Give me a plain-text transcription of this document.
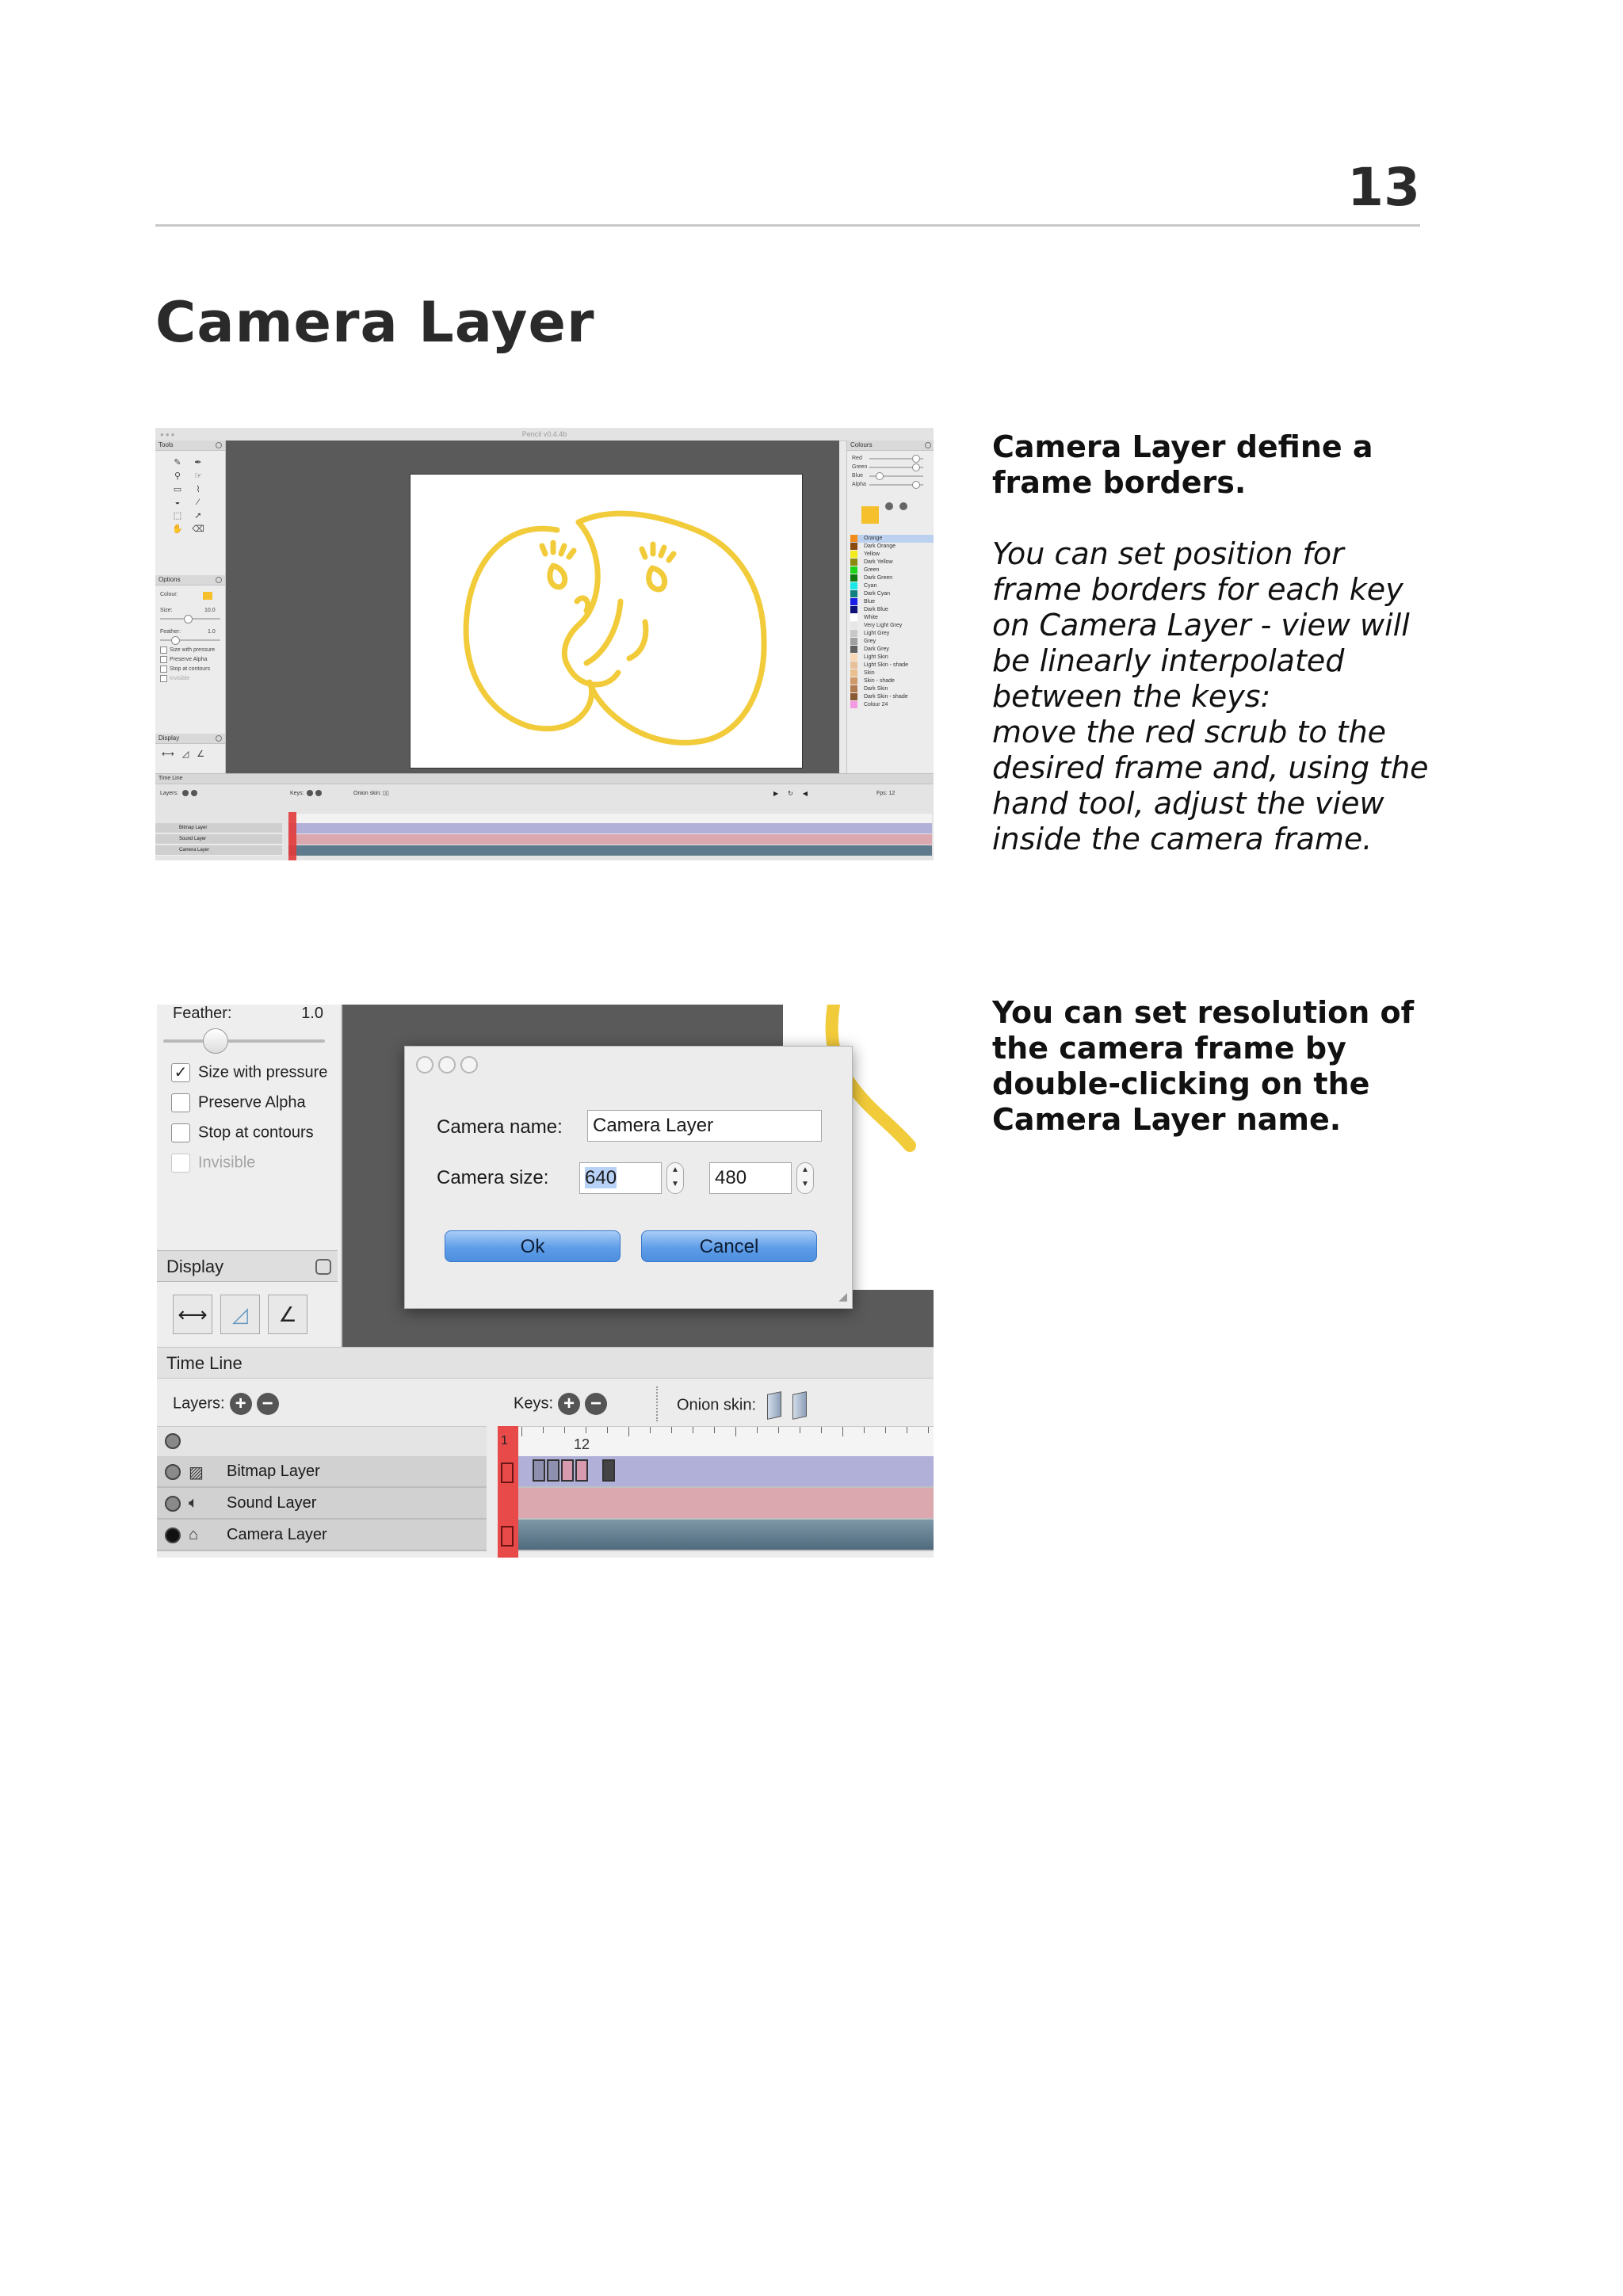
13
Camera Layer
●●●	Pencil v0.4.4b
Tools
✎	✒
⚲	☞
▭	⌇
◒	⁄
⬚	➚
✋ ⌫
Options
Colour:
Size:	10.0
Feather:	1.0
Size with pressure
Preserve Alpha
Stop at contours
Invisible
Display
⟷◿∠
Colours
Red
Green
Blue
Alpha
Orange
Dark Orange
Yellow
Dark Yellow
Green
Dark Green
Cyan
Dark Cyan
Blue
Dark Blue
White
Very Light Grey
Light Grey
Grey
Dark Grey
Light Skin
Light Skin - shade
Skin
Skin - shade
Dark Skin
Dark Skin - shade
Colour 24
Time Line
Layers:	Keys:	Onion skin: ▯▯	▶↻◀	Fps: 12
Bitmap Layer
Sound Layer
Camera Layer
Camera Layer define a frame borders.
You can set position for
frame borders for each key
on Camera Layer - view will
be linearly interpolated
between the keys:
move the red scrub to the
desired frame and, using the
hand tool, adjust the view
inside the camera frame.
Feather:	1.0
✓ Size with pressure
Preserve Alpha
Stop at contours
Invisible
Display
⟷ ◿ ∠
Camera name: Camera Layer
Camera size: 640	▲
▼ 480	▲
▼
Ok	Cancel
◢
Time Line
Layers: + −	Keys: + −	Onion skin:
▨ Bitmap Layer
🔈︎ Sound Layer
⌂ Camera Layer
12
1
You can set resolution of
the camera frame by
double-clicking on the
Camera Layer name.
